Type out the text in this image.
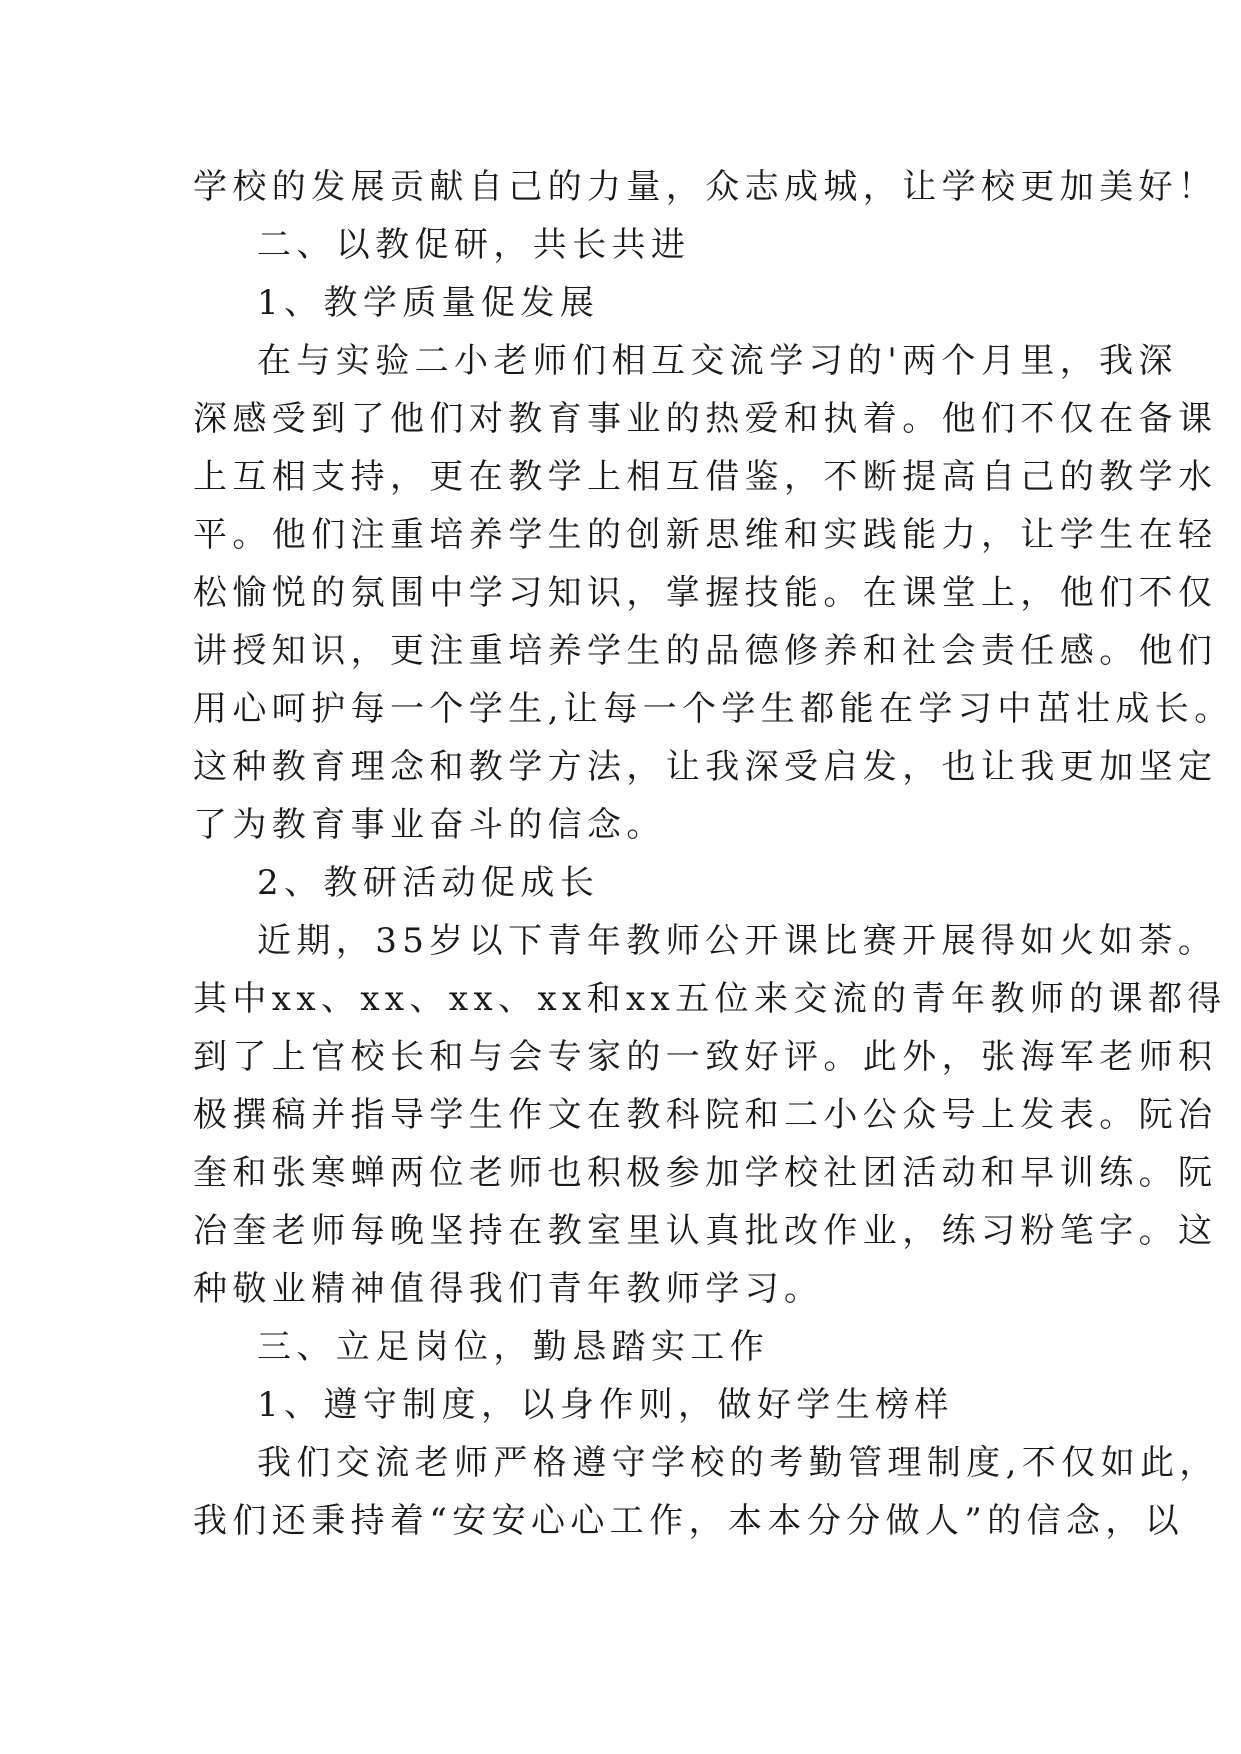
学校的发展贡献自己的力量，众志成城，让学校更加美好！
二、以教促研，共长共进
1、教学质量促发展
在与实验二小老师们相互交流学习的'两个月里，我深
深感受到了他们对教育事业的热爱和执着。他们不仅在备课
上互相支持，更在教学上相互借鉴，不断提高自己的教学水
平。他们注重培养学生的创新思维和实践能力，让学生在轻
松愉悦的氛围中学习知识，掌握技能。在课堂上，他们不仅
讲授知识，更注重培养学生的品德修养和社会责任感。他们
用心呵护每一个学生,让每一个学生都能在学习中茁壮成长。
这种教育理念和教学方法，让我深受启发，也让我更加坚定
了为教育事业奋斗的信念。
2、教研活动促成长
近期，35岁以下青年教师公开课比赛开展得如火如荼。
其中xx、xx、xx、xx和xx五位来交流的青年教师的课都得
到了上官校长和与会专家的一致好评。此外，张海军老师积
极撰稿并指导学生作文在教科院和二小公众号上发表。阮冶
奎和张寒蝉两位老师也积极参加学校社团活动和早训练。阮
冶奎老师每晚坚持在教室里认真批改作业，练习粉笔字。这
种敬业精神值得我们青年教师学习。
三、立足岗位，勤恳踏实工作
1、遵守制度，以身作则，做好学生榜样
我们交流老师严格遵守学校的考勤管理制度,不仅如此，
我们还秉持着“安安心心工作，本本分分做人”的信念，以
